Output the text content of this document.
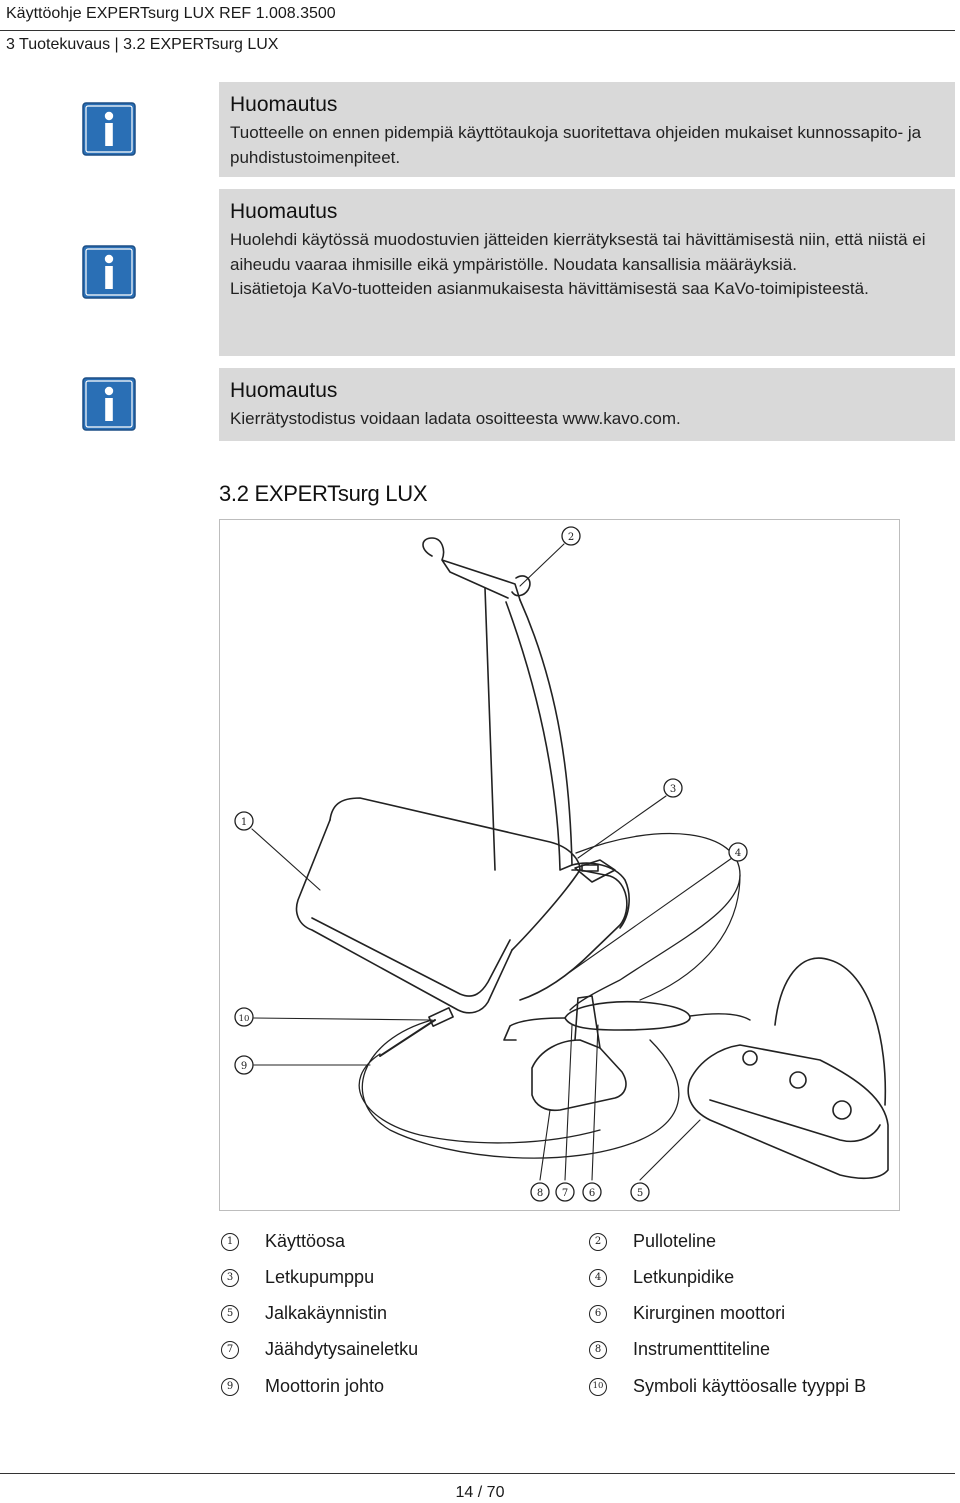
Käyttöohje EXPERTsurg LUX REF 1.008.3500
3 Tuotekuvaus | 3.2 EXPERTsurg LUX
Huomautus

Tuotteelle on ennen pidempiä käyttötaukoja suoritettava ohjeiden mukaiset kunnossapito- ja puhdistustoimenpiteet.

Huomautus

Huolehdi käytössä muodostuvien jätteiden kierrätyksestä tai hävittämisestä niin, että niistä ei aiheudu vaaraa ihmisille eikä ympäristölle. Noudata kansallisia määräyksiä.

Lisätietoja KaVo-tuotteiden asianmukaisesta hävittämisestä saa KaVo-toimipisteestä.

Huomautus

Kierrätystodistus voidaan ladata osoitteesta www.kavo.com.

3.2 EXPERTsurg LUX
2
3
1
4
10
9
8 7 6	5
1	Käyttöosa	2	Pulloteline
3	Letkupumppu	4	Letkunpidike
5	Jalkakäynnistin	6	Kirurginen moottori
7	Jäähdytysaineletku	8	Instrumenttiteline
9	Moottorin johto	10 Symboli käyttöosalle tyyppi B
14 / 70
